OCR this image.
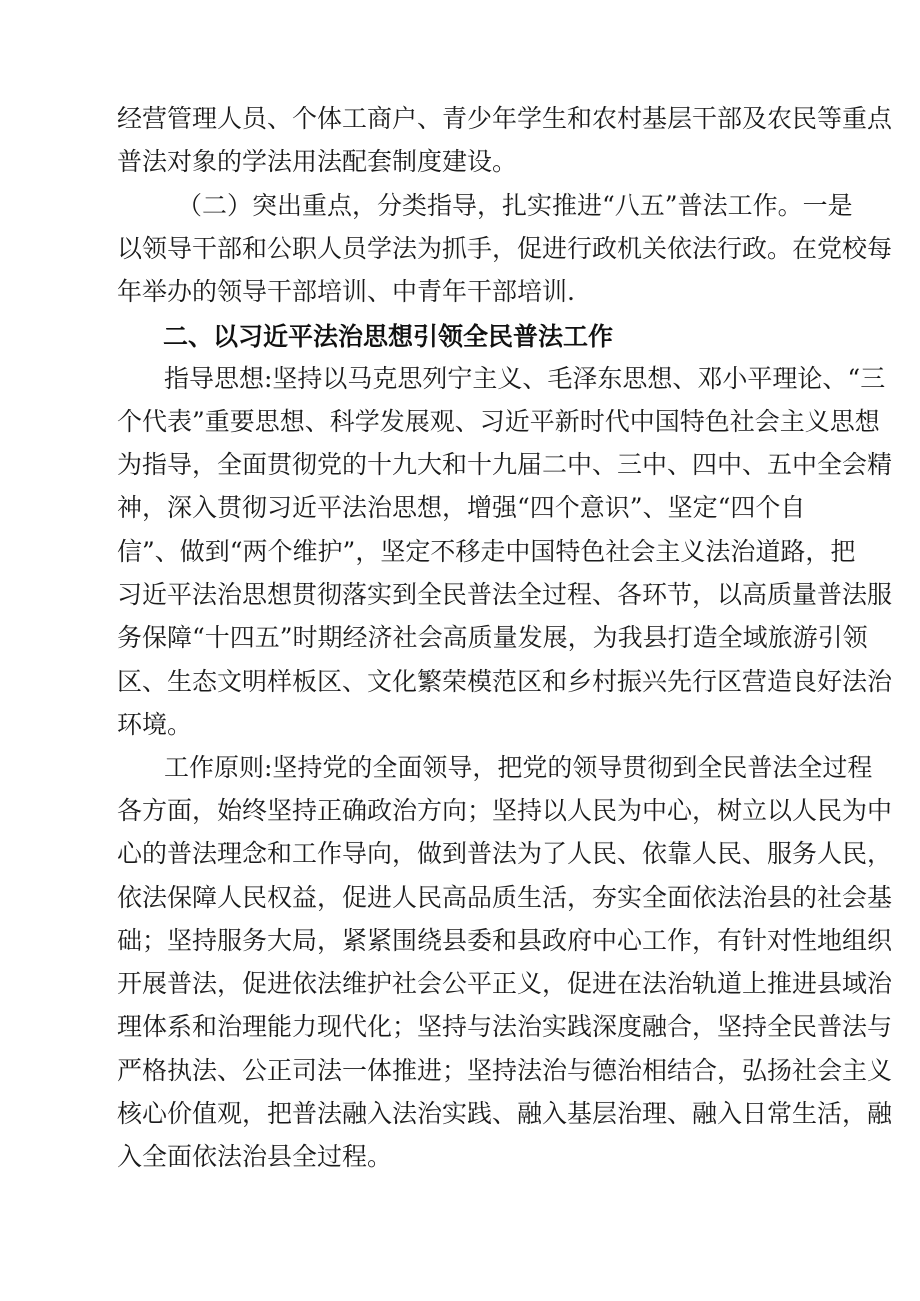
经营管理人员、个体工商户、青少年学生和农村基层干部及农民等重点
普法对象的学法用法配套制度建设。
（二）突出重点，分类指导，扎实推进“八五”普法工作。一是
以领导干部和公职人员学法为抓手，促进行政机关依法行政。在党校每
年举办的领导干部培训、中青年干部培训.
二、以习近平法治思想引领全民普法工作
指导思想:坚持以马克思列宁主义、毛泽东思想、邓小平理论、“三
个代表”重要思想、科学发展观、习近平新时代中国特色社会主义思想
为指导，全面贯彻党的十九大和十九届二中、三中、四中、五中全会精
神，深入贯彻习近平法治思想，增强“四个意识”、坚定“四个自
信”、做到“两个维护”，坚定不移走中国特色社会主义法治道路，把
习近平法治思想贯彻落实到全民普法全过程、各环节，以高质量普法服
务保障“十四五”时期经济社会高质量发展，为我县打造全域旅游引领
区、生态文明样板区、文化繁荣模范区和乡村振兴先行区营造良好法治
环境。
工作原则:坚持党的全面领导，把党的领导贯彻到全民普法全过程
各方面，始终坚持正确政治方向；坚持以人民为中心，树立以人民为中
心的普法理念和工作导向，做到普法为了人民、依靠人民、服务人民，
依法保障人民权益，促进人民高品质生活，夯实全面依法治县的社会基
础；坚持服务大局，紧紧围绕县委和县政府中心工作，有针对性地组织
开展普法，促进依法维护社会公平正义，促进在法治轨道上推进县域治
理体系和治理能力现代化；坚持与法治实践深度融合，坚持全民普法与
严格执法、公正司法一体推进；坚持法治与德治相结合，弘扬社会主义
核心价值观，把普法融入法治实践、融入基层治理、融入日常生活，融
入全面依法治县全过程。
